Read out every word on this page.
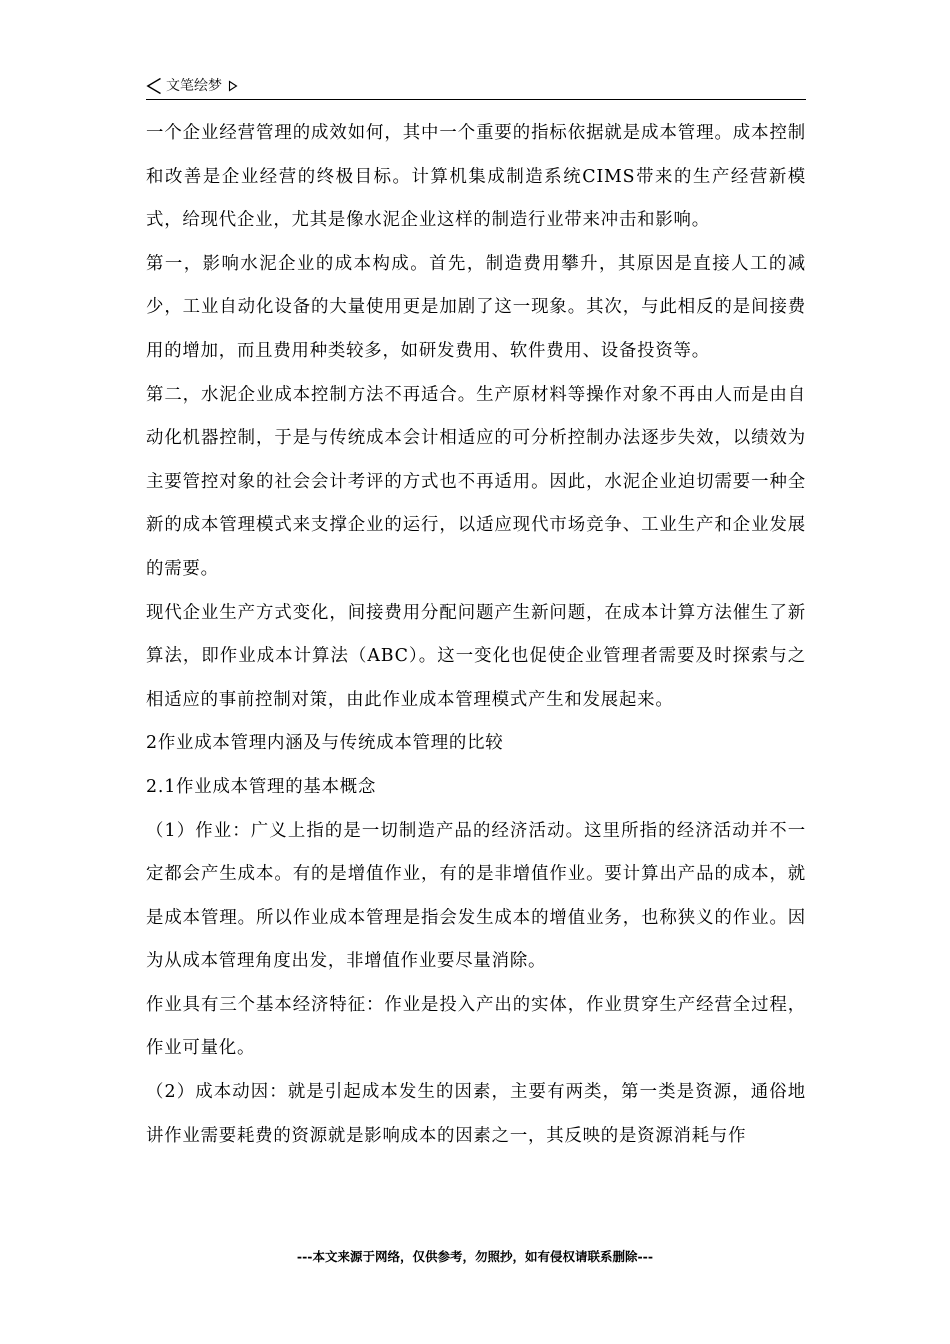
文笔绘梦

一个企业经营管理的成效如何，其中一个重要的指标依据就是成本管理。成本控制和改善是企业经营的终极目标。计算机集成制造系统CIMS带来的生产经营新模式，给现代企业，尤其是像水泥企业这样的制造行业带来冲击和影响。

第一，影响水泥企业的成本构成。首先，制造费用攀升，其原因是直接人工的减少，工业自动化设备的大量使用更是加剧了这一现象。其次，与此相反的是间接费用的增加，而且费用种类较多，如研发费用、软件费用、设备投资等。

第二，水泥企业成本控制方法不再适合。生产原材料等操作对象不再由人而是由自动化机器控制，于是与传统成本会计相适应的可分析控制办法逐步失效，以绩效为主要管控对象的社会会计考评的方式也不再适用。因此，水泥企业迫切需要一种全新的成本管理模式来支撑企业的运行，以适应现代市场竞争、工业生产和企业发展的需要。

现代企业生产方式变化，间接费用分配问题产生新问题，在成本计算方法催生了新算法，即作业成本计算法（ABC）。这一变化也促使企业管理者需要及时探索与之相适应的事前控制对策，由此作业成本管理模式产生和发展起来。

2作业成本管理内涵及与传统成本管理的比较

2.1作业成本管理的基本概念

（1）作业：广义上指的是一切制造产品的经济活动。这里所指的经济活动并不一定都会产生成本。有的是增值作业，有的是非增值作业。要计算出产品的成本，就是成本管理。所以作业成本管理是指会发生成本的增值业务，也称狭义的作业。因为从成本管理角度出发，非增值作业要尽量消除。

作业具有三个基本经济特征：作业是投入产出的实体，作业贯穿生产经营全过程，作业可量化。

（2）成本动因：就是引起成本发生的因素，主要有两类，第一类是资源，通俗地讲作业需要耗费的资源就是影响成本的因素之一，其反映的是资源消耗与作

---本文来源于网络，仅供参考，勿照抄，如有侵权请联系删除---
